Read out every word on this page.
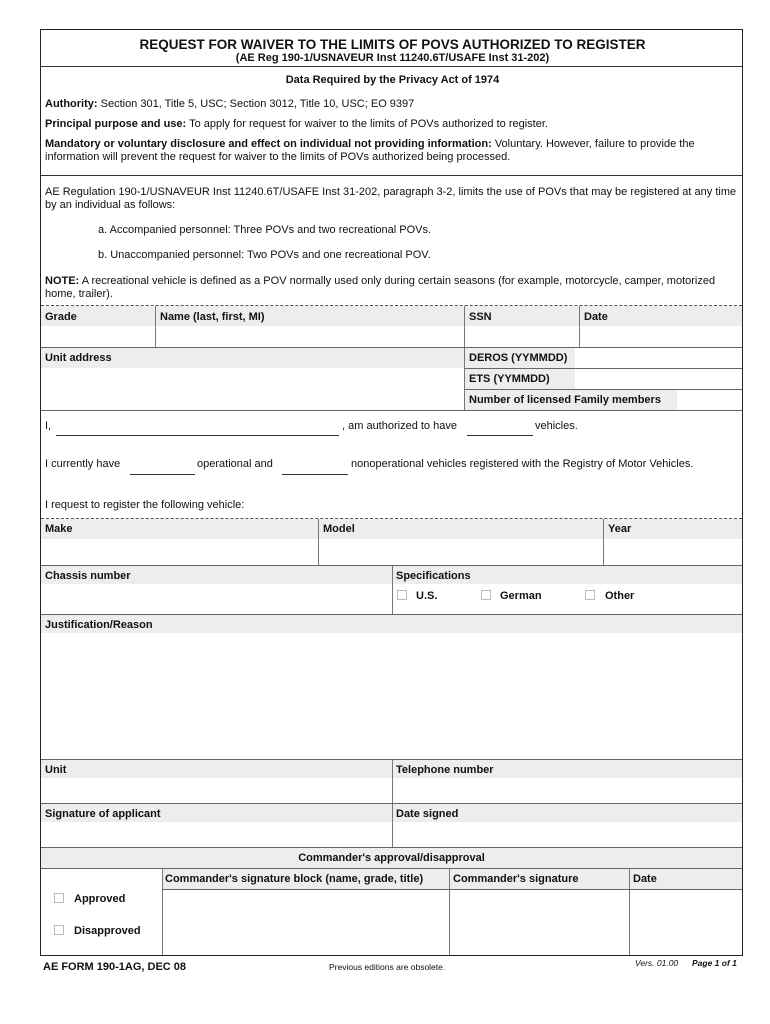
REQUEST FOR WAIVER TO THE LIMITS OF POVS AUTHORIZED TO REGISTER
(AE Reg 190-1/USNAVEUR Inst 11240.6T/USAFE Inst 31-202)
Data Required by the Privacy Act of 1974
Authority: Section 301, Title 5, USC; Section 3012, Title 10, USC; EO 9397
Principal purpose and use: To apply for request for waiver to the limits of POVs authorized to register.
Mandatory or voluntary disclosure and effect on individual not providing information: Voluntary. However, failure to provide the information will prevent the request for waiver to the limits of POVs authorized being processed.
AE Regulation 190-1/USNAVEUR Inst 11240.6T/USAFE Inst 31-202, paragraph 3-2, limits the use of POVs that may be registered at any time by an individual as follows:
a. Accompanied personnel: Three POVs and two recreational POVs.
b. Unaccompanied personnel: Two POVs and one recreational POV.
NOTE: A recreational vehicle is defined as a POV normally used only during certain seasons (for example, motorcycle, camper, motorized home, trailer).
Grade	Name (last, first, MI)	SSN	Date
Unit address	DEROS (YYMMDD)
ETS (YYMMDD)
Number of licensed Family members
I,	, am authorized to have	vehicles.
I currently have	operational and	nonoperational vehicles registered with the Registry of Motor Vehicles.
I request to register the following vehicle:
Make	Model	Year
Chassis number	Specifications
U.S.	German	Other
Justification/Reason
Unit	Telephone number
Signature of applicant	Date signed
Commander's approval/disapproval
Commander's signature block (name, grade, title)	Commander's signature	Date
Approved
Disapproved
AE FORM 190-1AG, DEC 08	Previous editions are obsolete.	Vers. 01.00 Page 1 of 1
